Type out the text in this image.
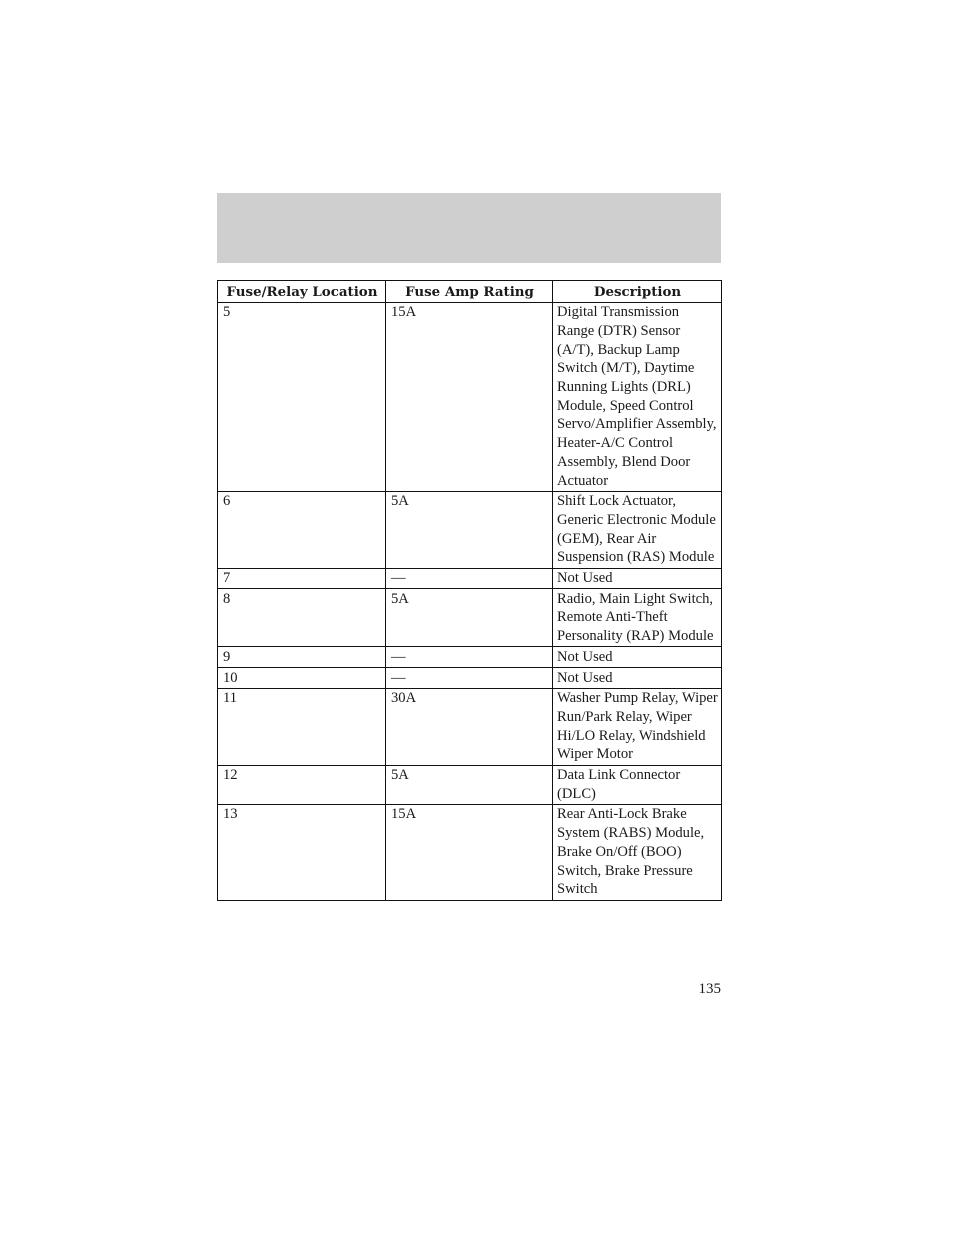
Fuse/Relay Location	Fuse Amp Rating	Description
5	15A	Digital Transmission Range (DTR) Sensor (A/T), Backup Lamp Switch (M/T), Daytime Running Lights (DRL) Module, Speed Control Servo/Amplifier Assembly, Heater-A/C Control Assembly, Blend Door Actuator
6	5A	Shift Lock Actuator, Generic Electronic Module (GEM), Rear Air Suspension (RAS) Module
7	—	Not Used
8	5A	Radio, Main Light Switch, Remote Anti-Theft Personality (RAP) Module
9	—	Not Used
10	—	Not Used
11	30A	Washer Pump Relay, Wiper Run/Park Relay, Wiper Hi/LO Relay, Windshield Wiper Motor
12	5A	Data Link Connector (DLC)
13	15A	Rear Anti-Lock Brake System (RABS) Module, Brake On/Off (BOO) Switch, Brake Pressure Switch
135
